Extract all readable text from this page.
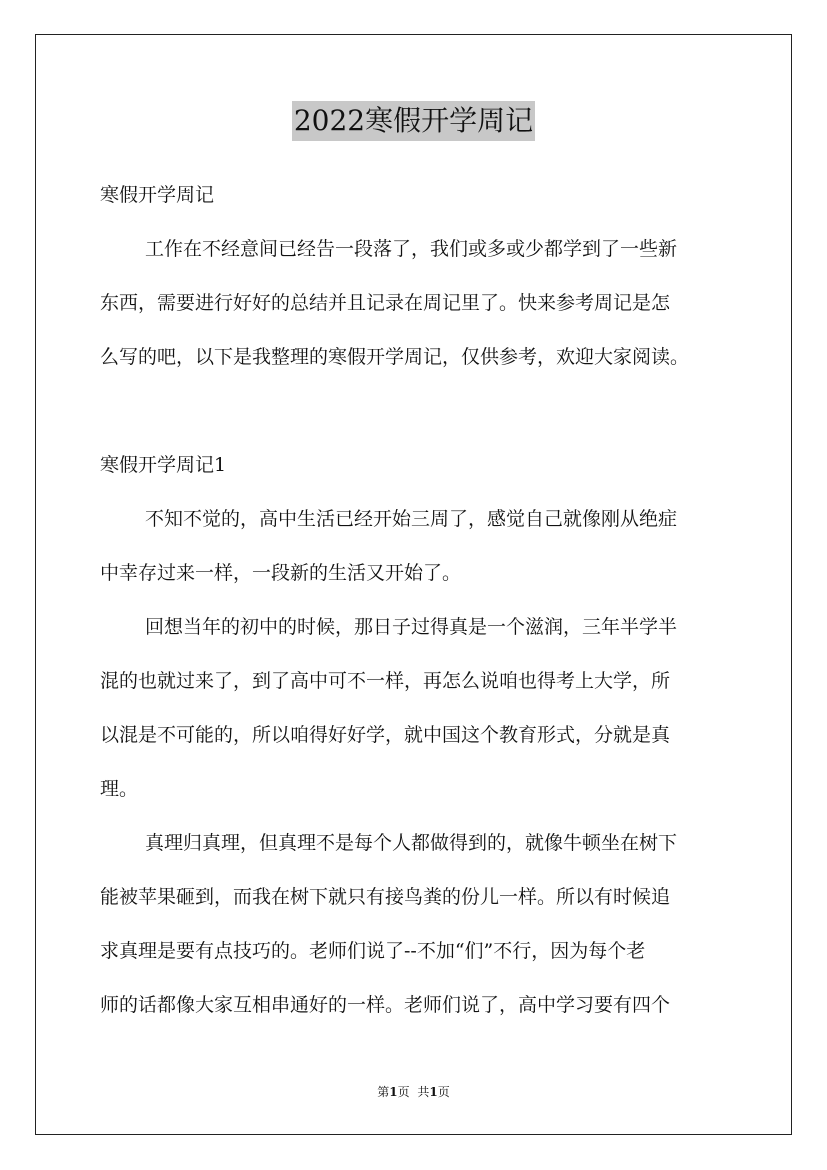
2022寒假开学周记

寒假开学周记

工作在不经意间已经告一段落了，我们或多或少都学到了一些新

东西，需要进行好好的总结并且记录在周记里了。快来参考周记是怎

么写的吧，以下是我整理的寒假开学周记，仅供参考，欢迎大家阅读。

寒假开学周记1

不知不觉的，高中生活已经开始三周了，感觉自己就像刚从绝症

中幸存过来一样，一段新的生活又开始了。

回想当年的初中的时候，那日子过得真是一个滋润，三年半学半

混的也就过来了，到了高中可不一样，再怎么说咱也得考上大学，所

以混是不可能的，所以咱得好好学，就中国这个教育形式，分就是真

理。

真理归真理，但真理不是每个人都做得到的，就像牛顿坐在树下

能被苹果砸到，而我在树下就只有接鸟粪的份儿一样。所以有时候追

求真理是要有点技巧的。老师们说了--不加“们”不行，因为每个老

师的话都像大家互相串通好的一样。老师们说了，高中学习要有四个

第1页 共1页
